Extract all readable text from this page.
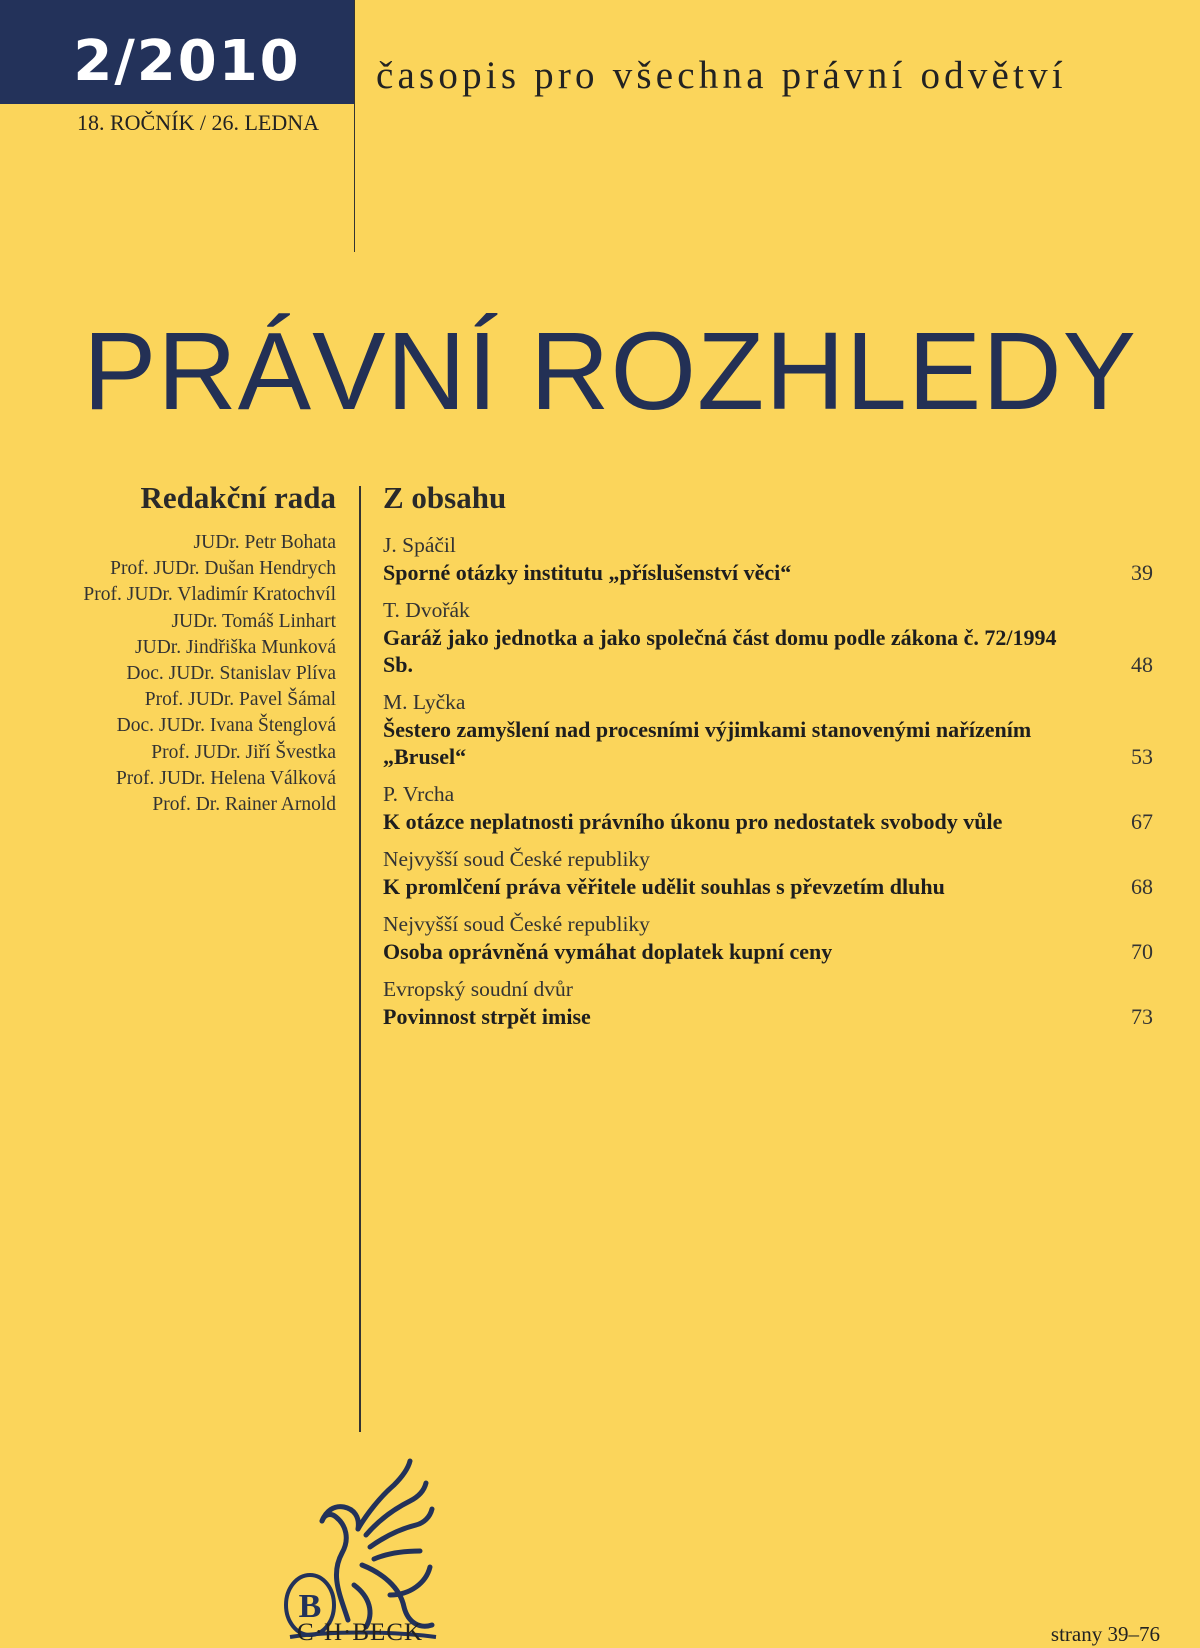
2/2010
18. ROČNÍK / 26. LEDNA
časopis pro všechna právní odvětví
PRÁVNÍ ROZHLEDY
Redakční rada
JUDr. Petr Bohata
Prof. JUDr. Dušan Hendrych
Prof. JUDr. Vladimír Kratochvíl
JUDr. Tomáš Linhart
JUDr. Jindřiška Munková
Doc. JUDr. Stanislav Plíva
Prof. JUDr. Pavel Šámal
Doc. JUDr. Ivana Štenglová
Prof. JUDr. Jiří Švestka
Prof. JUDr. Helena Válková
Prof. Dr. Rainer Arnold
Z obsahu
J. Spáčil
Sporné otázky institutu „příslušenství věci“	39
T. Dvořák
Garáž jako jednotka a jako společná část domu podle zákona č. 72/1994 Sb.	48
M. Lyčka
Šestero zamyšlení nad procesními výjimkami stanovenými nařízením „Brusel“	53
P. Vrcha
K otázce neplatnosti právního úkonu pro nedostatek svobody vůle	67
Nejvyšší soud České republiky
K promlčení práva věřitele udělit souhlas s převzetím dluhu	68
Nejvyšší soud České republiky
Osoba oprávněná vymáhat doplatek kupní ceny	70
Evropský soudní dvůr
Povinnost strpět imise	73
B
C·H·BECK	strany 39–76
